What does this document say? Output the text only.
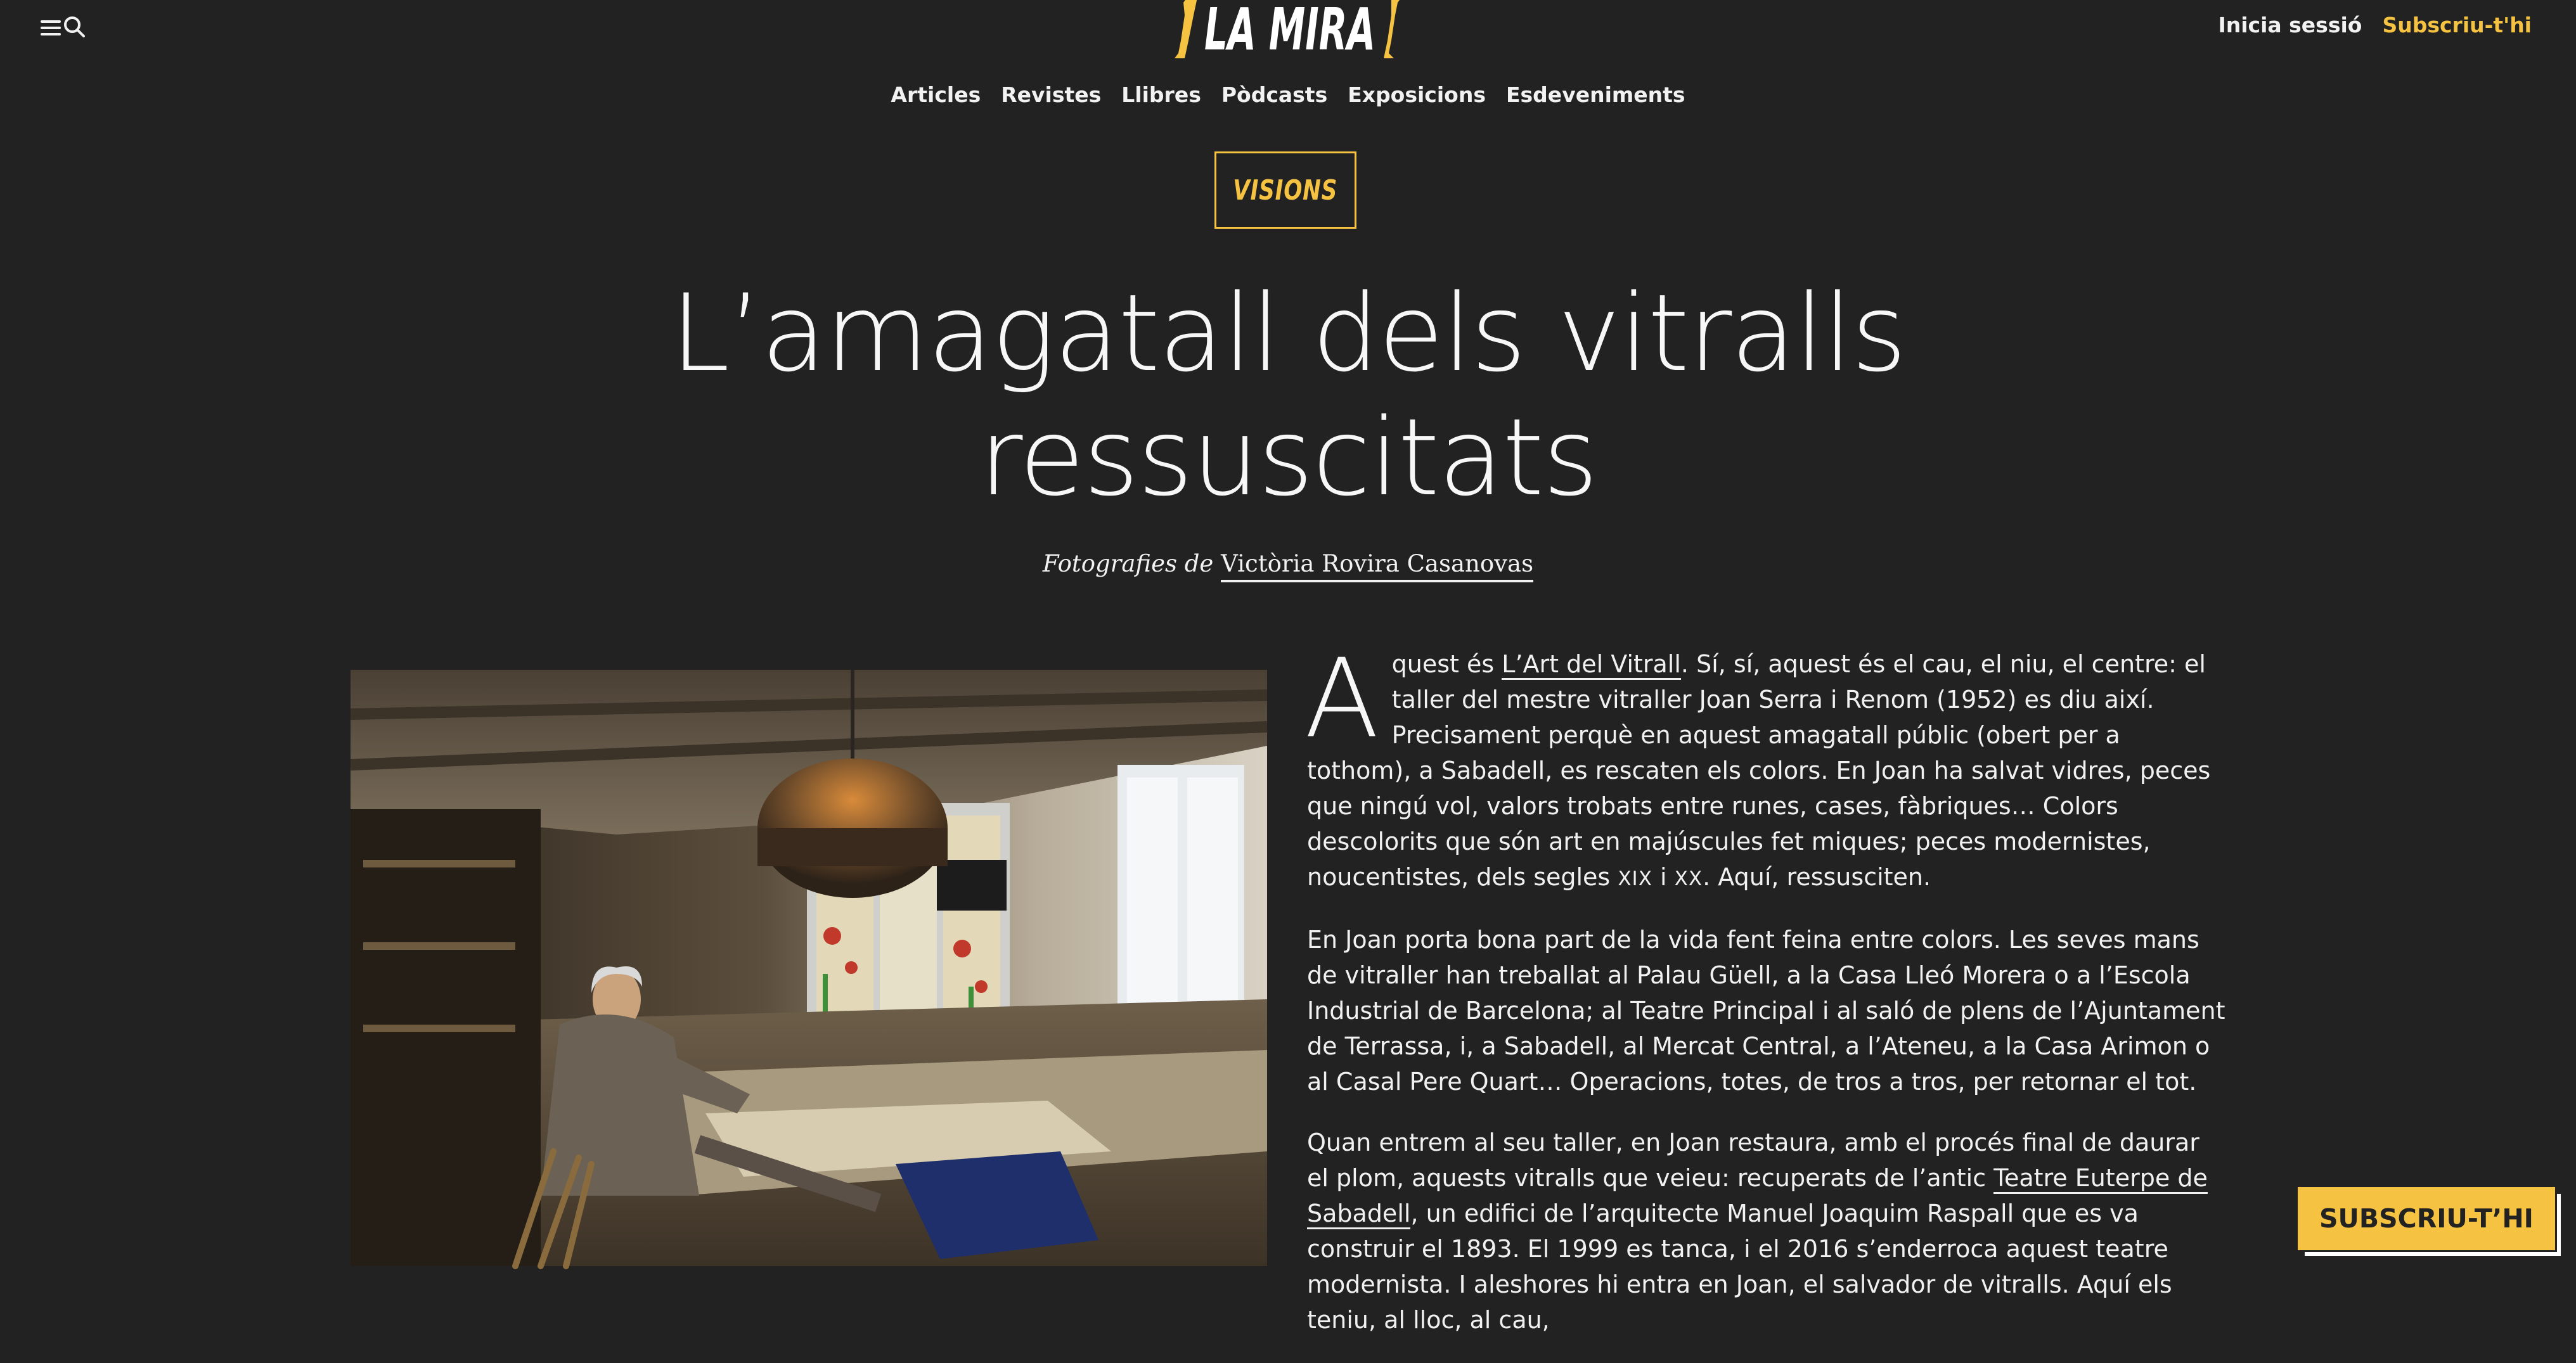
LA MIRA	Inicia sessió Subscriu-t'hi
Articles Revistes Llibres Pòdcasts Exposicions Esdeveniments
VISIONS
L’amagatall dels vitralls
ressuscitats
Fotografies de Victòria Rovira Casanovas

A quest és L’Art del Vitrall. Sí, sí, aquest és el cau, el niu, el centre: el taller del mestre vitraller Joan Serra i Renom (1952) es diu així. Precisament perquè en aquest amagatall públic (obert per a tothom), a Sabadell, es rescaten els colors. En Joan ha salvat vidres, peces que ningú vol, valors trobats entre runes, cases, fàbriques… Colors descolorits que són art en majúscules fet miques; peces modernistes, noucentistes, dels segles XIX i XX. Aquí, ressusciten.

En Joan porta bona part de la vida fent feina entre colors. Les seves mans de vitraller han treballat al Palau Güell, a la Casa Lleó Morera o a l’Escola Industrial de Barcelona; al Teatre Principal i al saló de plens de l’Ajuntament de Terrassa, i, a Sabadell, al Mercat Central, a l’Ateneu, a la Casa Arimon o al Casal Pere Quart… Operacions, totes, de tros a tros, per retornar el tot.

Quan entrem al seu taller, en Joan restaura, amb el procés final de daurar el plom, aquests vitralls que veieu: recuperats de l’antic Teatre Euterpe de Sabadell, un edifici de l’arquitecte Manuel Joaquim Raspall que es va construir el 1893. El 1999 es tanca, i el 2016 s’enderroca aquest teatre modernista. I aleshores hi entra en Joan, el salvador de vitralls. Aquí els teniu, al lloc, al cau,

SUBSCRIU-T’HI
